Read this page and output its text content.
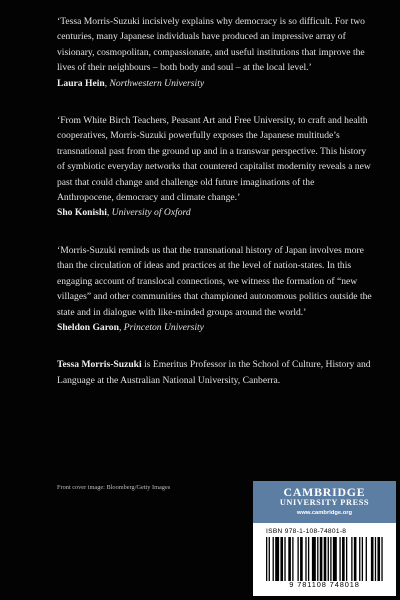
‘Tessa Morris-Suzuki incisively explains why democracy is so difficult. For two centuries, many Japanese individuals have produced an impressive array of visionary, cosmopolitan, compassionate, and useful institutions that improve the lives of their neighbours – both body and soul – at the local level.’

Laura Hein, Northwestern University

‘From White Birch Teachers, Peasant Art and Free University, to craft and health cooperatives, Morris-Suzuki powerfully exposes the Japanese multitude’s transnational past from the ground up and in a transwar perspective. This history of symbiotic everyday networks that countered capitalist modernity reveals a new past that could change and challenge old future imaginations of the Anthropocene, democracy and climate change.’

Sho Konishi, University of Oxford

‘Morris-Suzuki reminds us that the transnational history of Japan involves more than the circulation of ideas and practices at the level of nation-states. In this engaging account of translocal connections, we witness the formation of “new villages” and other communities that championed autonomous politics outside the state and in dialogue with like-minded groups around the world.’

Sheldon Garon, Princeton University

Tessa Morris-Suzuki is Emeritus Professor in the School of Culture, History and Language at the Australian National University, Canberra.

Front cover image: Bloomberg/Getty Images	CAMBRIDGE
UNIVERSITY PRESS
www.cambridge.org
ISBN 978-1-108-74801-8
9 781108 748018
